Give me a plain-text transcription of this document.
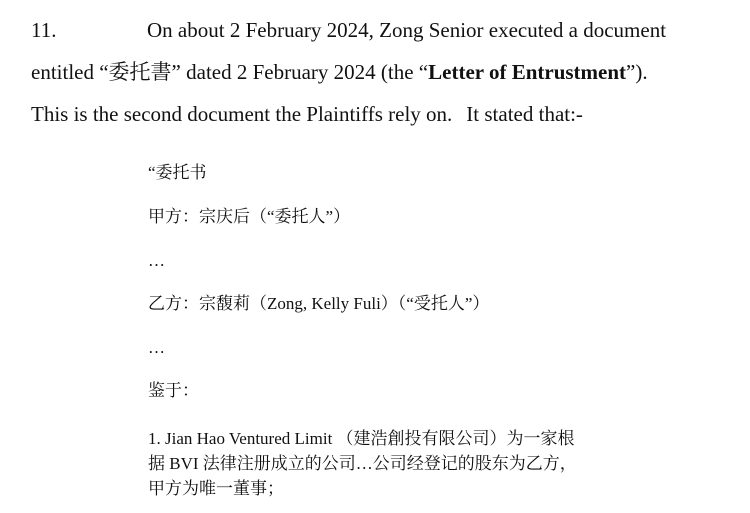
11.	On about 2 February 2024, Zong Senior executed a document
entitled “委托書” dated 2 February 2024 (the “Letter of Entrustment”).
This is the second document the Plaintiffs rely on. It stated that:-
“委托书
甲方：宗庆后（“委托人”）
…
乙方：宗馥莉（Zong, Kelly Fuli）（“受托人”）
…
鉴于：
1. Jian Hao Ventured Limit （建浩創投有限公司）为一家根
据 BVI 法律注册成立的公司…公司经登记的股东为乙方，
甲方为唯一董事；
